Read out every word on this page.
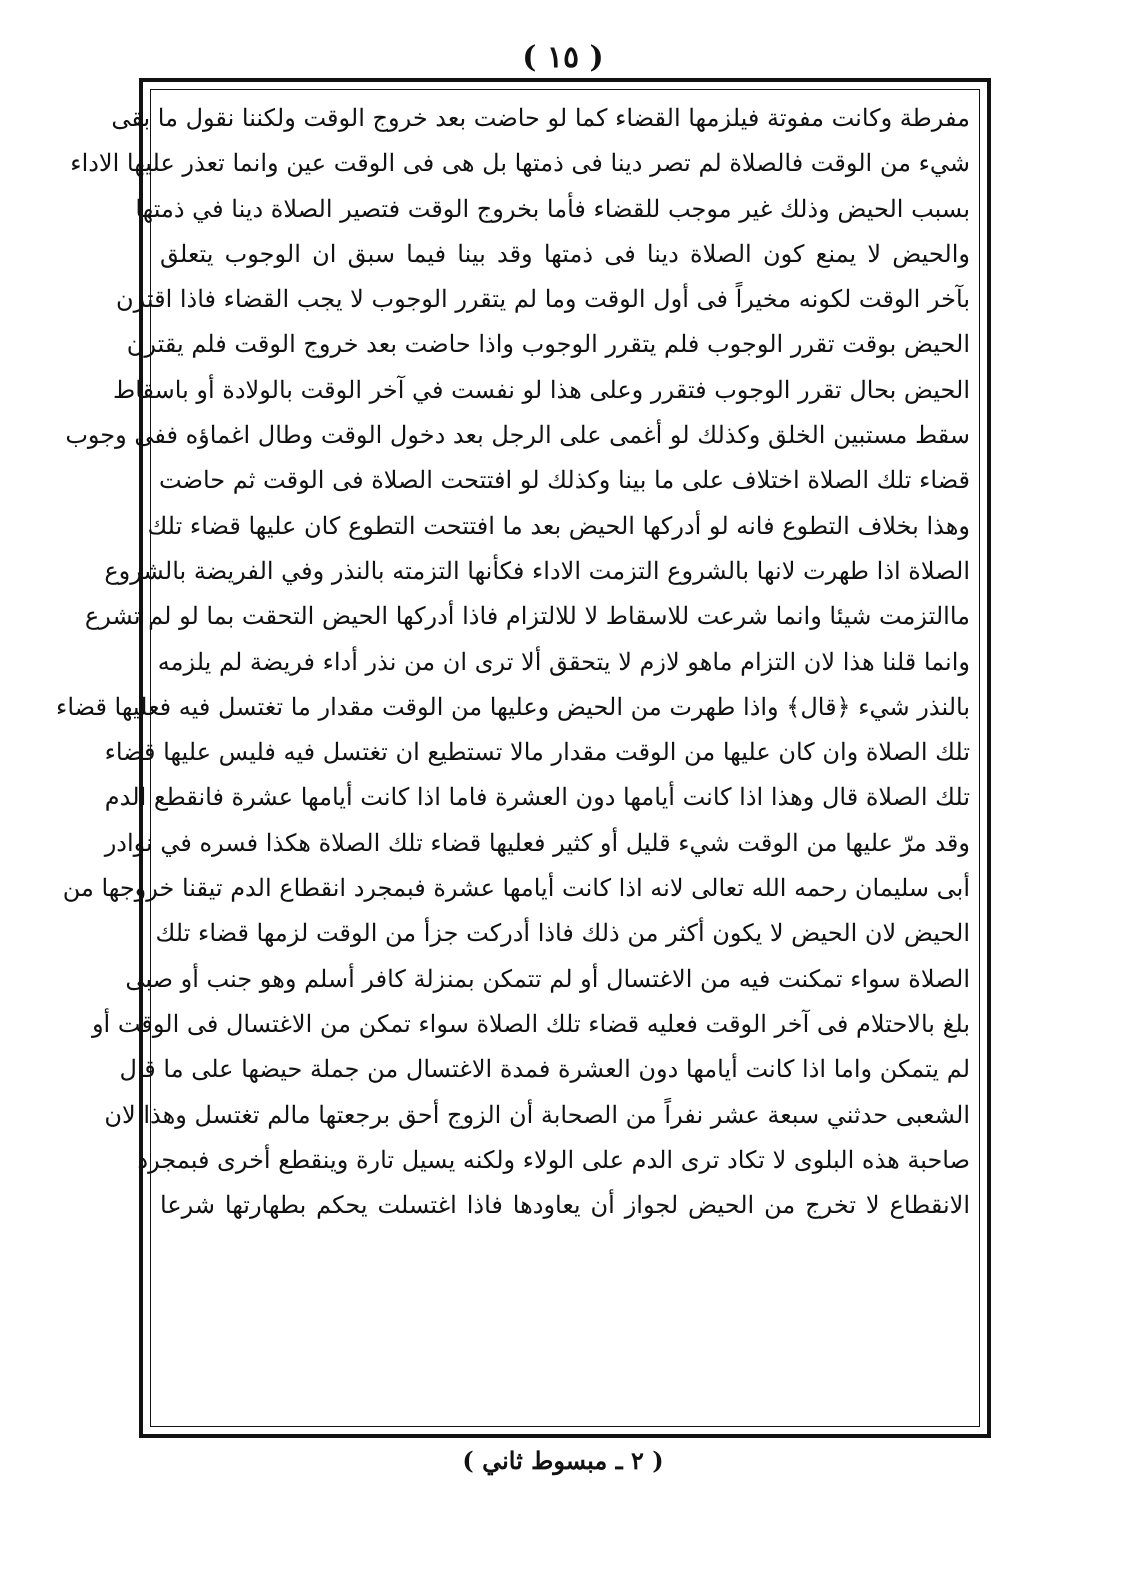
( ١٥ )
مفرطة وكانت مفوتة فيلزمها القضاء كما لو حاضت بعد خروج الوقت ولكننا نقول ما بقى
شيء من الوقت فالصلاة لم تصر دينا فى ذمتها بل هى فى الوقت عين وانما تعذر عليها الاداء
بسبب الحيض وذلك غير موجب للقضاء فأما بخروج الوقت فتصير الصلاة دينا في ذمتها
والحيض لا يمنع كون الصلاة دينا فى ذمتها وقد بينا فيما سبق ان الوجوب يتعلق
بآخر الوقت لكونه مخيراً فى أول الوقت وما لم يتقرر الوجوب لا يجب القضاء فاذا اقترن
الحيض بوقت تقرر الوجوب فلم يتقرر الوجوب واذا حاضت بعد خروج الوقت فلم يقترن
الحيض بحال تقرر الوجوب فتقرر وعلى هذا لو نفست في آخر الوقت بالولادة أو باسقاط
سقط مستبين الخلق وكذلك لو أغمى على الرجل بعد دخول الوقت وطال اغماؤه ففى وجوب
قضاء تلك الصلاة اختلاف على ما بينا وكذلك لو افتتحت الصلاة فى الوقت ثم حاضت
وهذا بخلاف التطوع فانه لو أدركها الحيض بعد ما افتتحت التطوع كان عليها قضاء تلك
الصلاة اذا طهرت لانها بالشروع التزمت الاداء فكأنها التزمته بالنذر وفي الفريضة بالشروع
ماالتزمت شيئا وانما شرعت للاسقاط لا للالتزام فاذا أدركها الحيض التحقت بما لو لم تشرع
وانما قلنا هذا لان التزام ماهو لازم لا يتحقق ألا ترى ان من نذر أداء فريضة لم يلزمه
بالنذر شيء ﴿قال﴾ واذا طهرت من الحيض وعليها من الوقت مقدار ما تغتسل فيه فعليها قضاء
تلك الصلاة وان كان عليها من الوقت مقدار مالا تستطيع ان تغتسل فيه فليس عليها قضاء
تلك الصلاة قال وهذا اذا كانت أيامها دون العشرة فاما اذا كانت أيامها عشرة فانقطع الدم
وقد مرّ عليها من الوقت شيء قليل أو كثير فعليها قضاء تلك الصلاة هكذا فسره في نوادر
أبى سليمان رحمه الله تعالى لانه اذا كانت أيامها عشرة فبمجرد انقطاع الدم تيقنا خروجها من
الحيض لان الحيض لا يكون أكثر من ذلك فاذا أدركت جزأ من الوقت لزمها قضاء تلك
الصلاة سواء تمكنت فيه من الاغتسال أو لم تتمكن بمنزلة كافر أسلم وهو جنب أو صبى
بلغ بالاحتلام فى آخر الوقت فعليه قضاء تلك الصلاة سواء تمكن من الاغتسال فى الوقت أو
لم يتمكن واما اذا كانت أيامها دون العشرة فمدة الاغتسال من جملة حيضها على ما قال
الشعبى حدثني سبعة عشر نفراً من الصحابة أن الزوج أحق برجعتها مالم تغتسل وهذا لان
صاحبة هذه البلوى لا تكاد ترى الدم على الولاء ولكنه يسيل تارة وينقطع أخرى فبمجرد
الانقطاع لا تخرج من الحيض لجواز أن يعاودها فاذا اغتسلت يحكم بطهارتها شرعا
( ٢ ـ مبسوط ثاني )
